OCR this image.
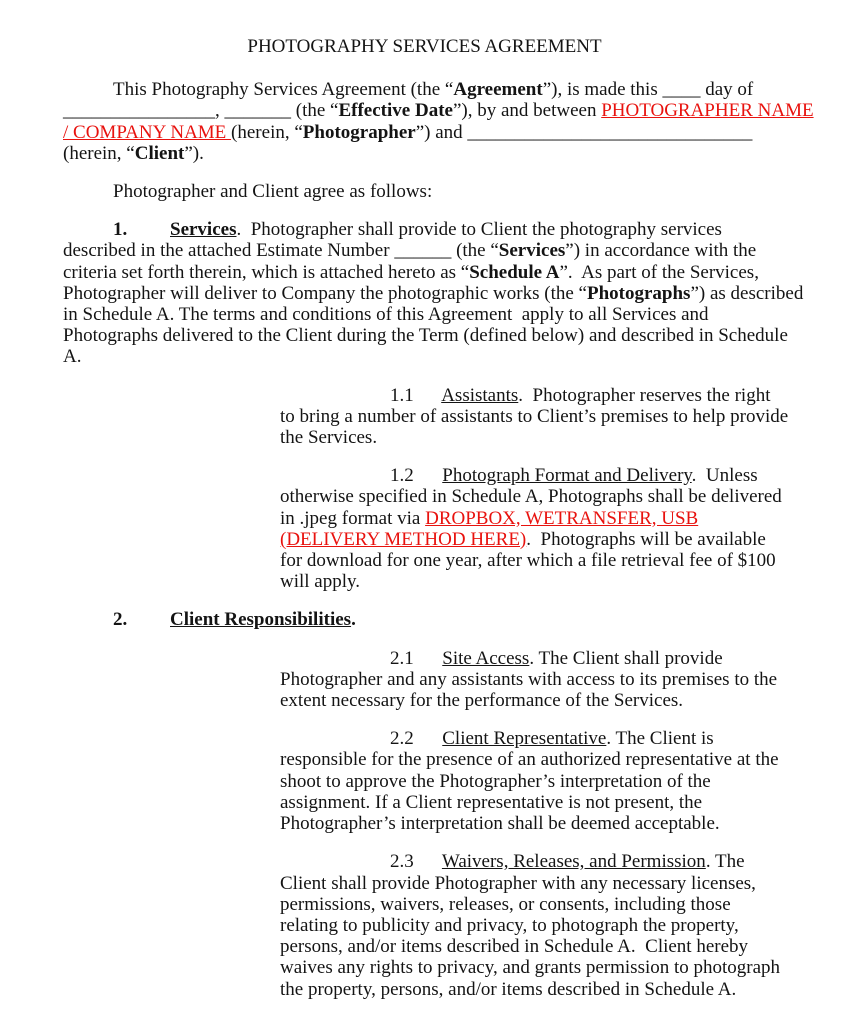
PHOTOGRAPHY SERVICES AGREEMENT
This Photography Services Agreement (the “Agreement”), is made this ____ day of
________________, _______ (the “Effective Date”), by and between PHOTOGRAPHER NAME
/ COMPANY NAME (herein, “Photographer”) and ______________________________
(herein, “Client”).
Photographer and Client agree as follows:
1. Services.  Photographer shall provide to Client the photography services
described in the attached Estimate Number ______ (the “Services”) in accordance with the
criteria set forth therein, which is attached hereto as “Schedule A”.  As part of the Services,
Photographer will deliver to Company the photographic works (the “Photographs”) as described
in Schedule A. The terms and conditions of this Agreement  apply to all Services and
Photographs delivered to the Client during the Term (defined below) and described in Schedule
A.
1.1 Assistants.  Photographer reserves the right
to bring a number of assistants to Client’s premises to help provide
the Services.
1.2 Photograph Format and Delivery.  Unless
otherwise specified in Schedule A, Photographs shall be delivered
in .jpeg format via DROPBOX, WETRANSFER, USB
(DELIVERY METHOD HERE).  Photographs will be available
for download for one year, after which a file retrieval fee of $100
will apply.
2. Client Responsibilities.
2.1 Site Access. The Client shall provide
Photographer and any assistants with access to its premises to the
extent necessary for the performance of the Services.
2.2 Client Representative. The Client is
responsible for the presence of an authorized representative at the
shoot to approve the Photographer’s interpretation of the
assignment. If a Client representative is not present, the
Photographer’s interpretation shall be deemed acceptable.
2.3 Waivers, Releases, and Permission. The
Client shall provide Photographer with any necessary licenses,
permissions, waivers, releases, or consents, including those
relating to publicity and privacy, to photograph the property,
persons, and/or items described in Schedule A.  Client hereby
waives any rights to privacy, and grants permission to photograph
the property, persons, and/or items described in Schedule A.
